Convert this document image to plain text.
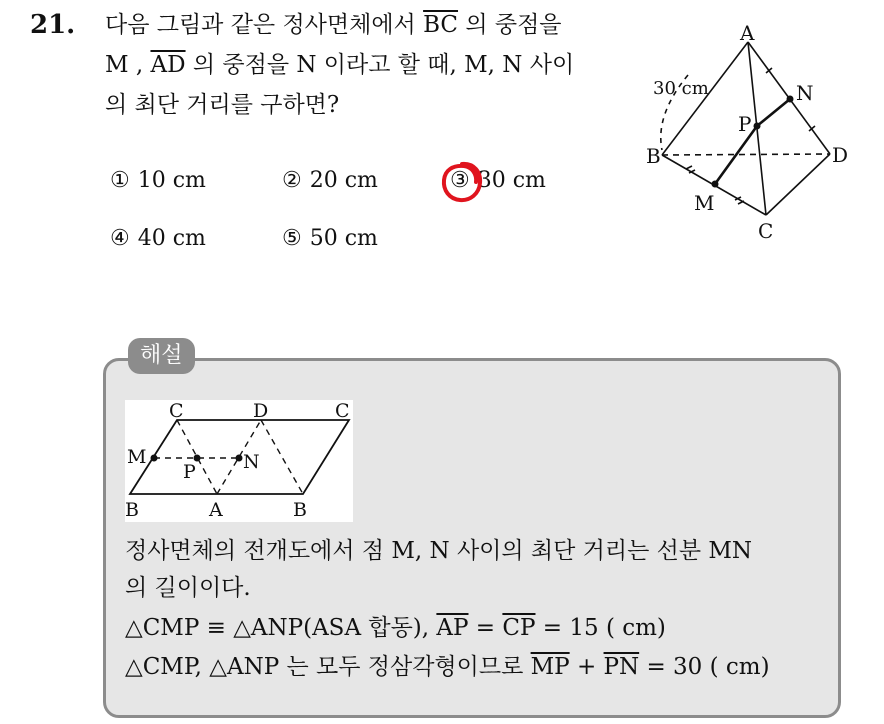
21. 다음 그림과 같은 정사면체에서 $\overline{BC}$ 의 중점을
M , $\overline{AD}$ 의 중점을 N 이라고 할 때, M, N 사이
의 최단 거리를 구하면?
① 10 cm	② 20 cm	③ 30 cm
④ 40 cm	⑤ 50 cm
A
B
C
D
M
N
P
30 cm
해설
C	D	C
M
P N
B	A	B
정사면체의 전개도에서 점 M, N 사이의 최단 거리는 선분 MN
의 길이이다.
△CMP ≡ △ANP(ASA 합동), $\overline{AP} = \overline{CP} = 15$ ( cm)
△CMP, △ANP 는 모두 정삼각형이므로 $\overline{MP} + \overline{PN} = 30$ ( cm)
